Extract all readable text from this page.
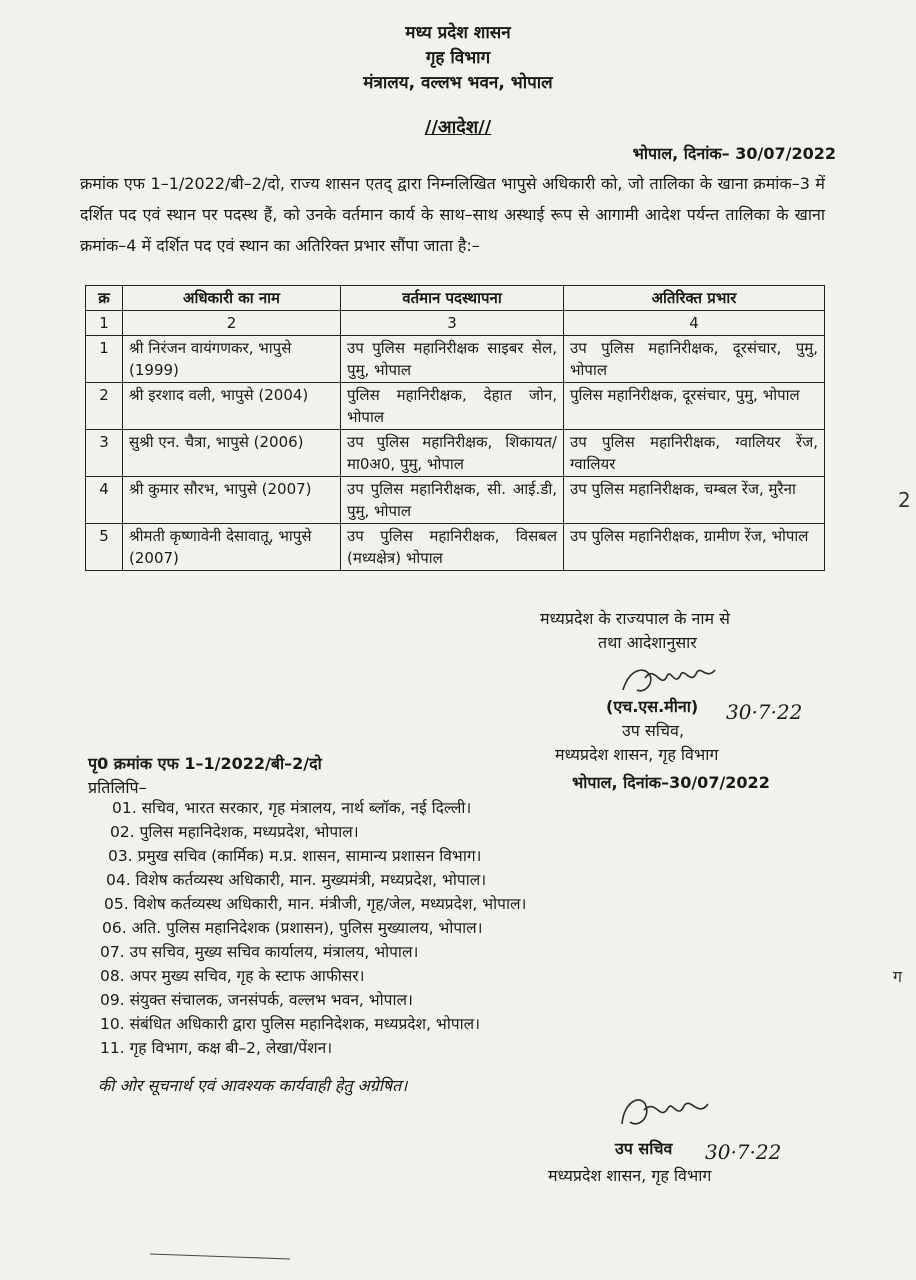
मध्य प्रदेश शासन
गृह विभाग
मंत्रालय, वल्लभ भवन, भोपाल
//आदेश//
भोपाल, दिनांक– 30/07/2022

क्रमांक एफ 1–1/2022/बी–2/दो, राज्य शासन एतद् द्वारा निम्नलिखित भापुसे अधिकारी को, जो तालिका के खाना क्रमांक–3 में दर्शित पद एवं स्थान पर पदस्थ हैं, को उनके वर्तमान कार्य के साथ–साथ अस्थाई रूप से आगामी आदेश पर्यन्त तालिका के खाना क्रमांक–4 में दर्शित पद एवं स्थान का अतिरिक्त प्रभार सौंपा जाता है:–

क्र	अधिकारी का नाम	वर्तमान पदस्थापना	अतिरिक्त प्रभार
1	2	3	4
1	श्री निरंजन वायंगणकर, भापुसे (1999)	उप पुलिस महानिरीक्षक साइबर सेल, पुमु, भोपाल	उप पुलिस महानिरीक्षक, दूरसंचार, पुमु, भोपाल
2	श्री इरशाद वली, भापुसे (2004)	पुलिस महानिरीक्षक, देहात जोन, भोपाल	पुलिस महानिरीक्षक, दूरसंचार, पुमु, भोपाल
3	सुश्री एन. चैत्रा, भापुसे (2006)	उप पुलिस महानिरीक्षक, शिकायत/मा0अ0, पुमु, भोपाल	उप पुलिस महानिरीक्षक, ग्वालियर रेंज, ग्वालियर
4	श्री कुमार सौरभ, भापुसे (2007)	उप पुलिस महानिरीक्षक, सी. आई.डी, पुमु, भोपाल	उप पुलिस महानिरीक्षक, चम्बल रेंज, मुरैना
5	श्रीमती कृष्णावेनी देसावातू, भापुसे (2007)	उप पुलिस महानिरीक्षक, विसबल (मध्यक्षेत्र) भोपाल	उप पुलिस महानिरीक्षक, ग्रामीण रेंज, भोपाल
मध्यप्रदेश के राज्यपाल के नाम से
तथा आदेशानुसार
(एच.एस.मीना) 30·7·22
उप सचिव,
मध्यप्रदेश शासन, गृह विभाग
भोपाल, दिनांक–30/07/2022
पृ0 क्रमांक एफ 1–1/2022/बी–2/दो
प्रतिलिपि–
01. सचिव, भारत सरकार, गृह मंत्रालय, नार्थ ब्लॉक, नई दिल्ली।
02. पुलिस महानिदेशक, मध्यप्रदेश, भोपाल।
03. प्रमुख सचिव (कार्मिक) म.प्र. शासन, सामान्य प्रशासन विभाग।
04. विशेष कर्तव्यस्थ अधिकारी, मान. मुख्यमंत्री, मध्यप्रदेश, भोपाल।
05. विशेष कर्तव्यस्थ अधिकारी, मान. मंत्रीजी, गृह/जेल, मध्यप्रदेश, भोपाल।
06. अति. पुलिस महानिदेशक (प्रशासन), पुलिस मुख्यालय, भोपाल।
07. उप सचिव, मुख्य सचिव कार्यालय, मंत्रालय, भोपाल।
08. अपर मुख्य सचिव, गृह के स्टाफ आफीसर।
09. संयुक्त संचालक, जनसंपर्क, वल्लभ भवन, भोपाल।
10. संबंधित अधिकारी द्वारा पुलिस महानिदेशक, मध्यप्रदेश, भोपाल।
11. गृह विभाग, कक्ष बी–2, लेखा/पेंशन।
की ओर सूचनार्थ एवं आवश्यक कार्यवाही हेतु अग्रेषित।
उप सचिव 30·7·22
मध्यप्रदेश शासन, गृह विभाग
2
ग
